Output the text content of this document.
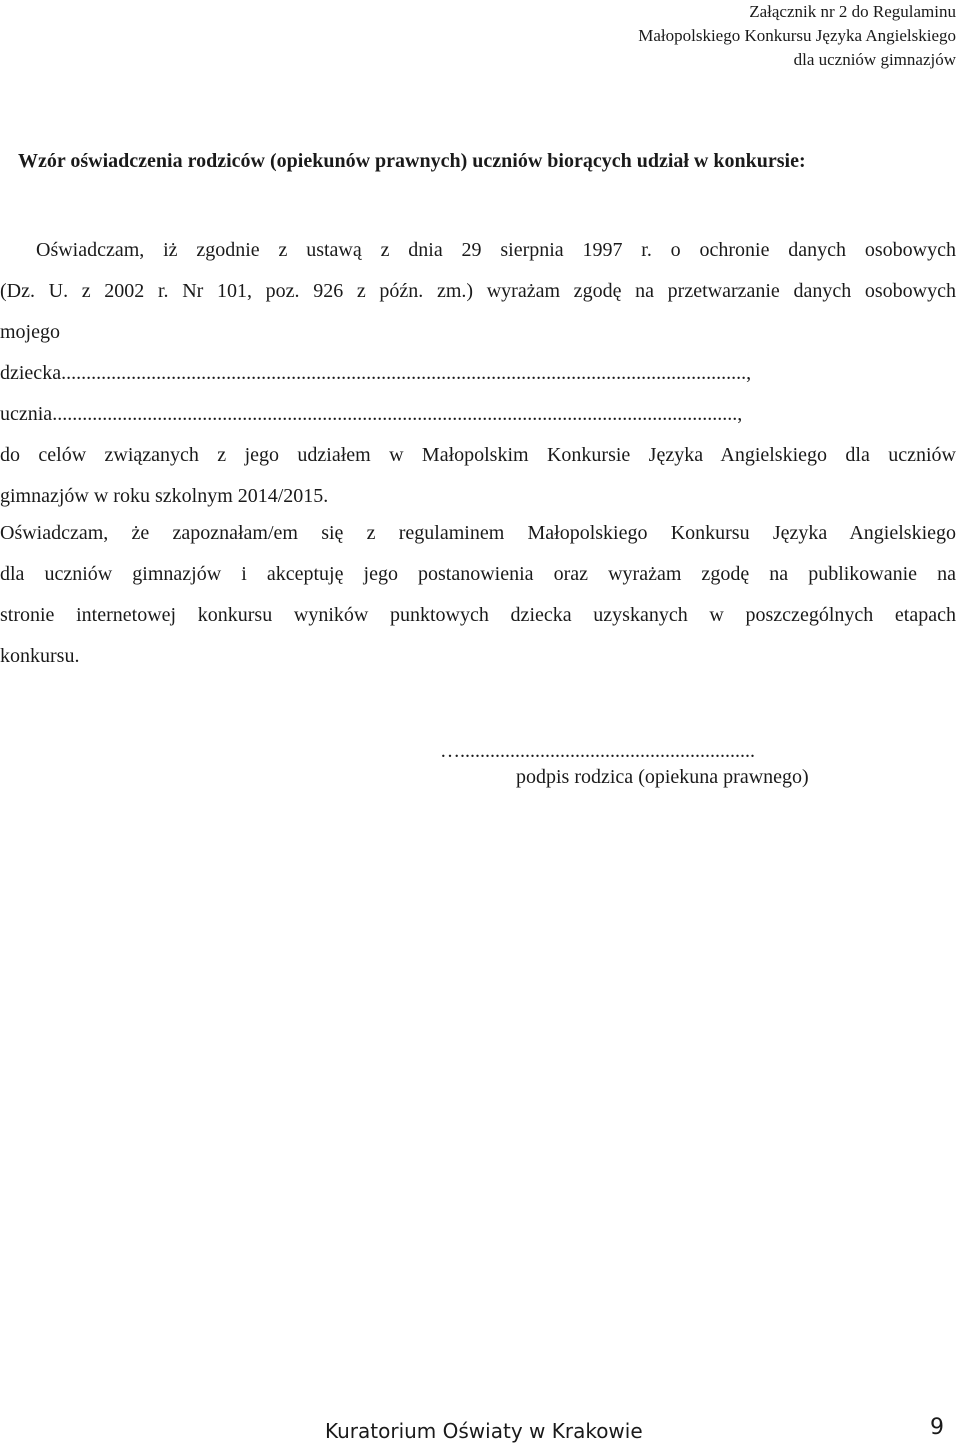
Załącznik nr 2 do Regulaminu
Małopolskiego Konkursu Języka Angielskiego
dla uczniów gimnazjów
Wzór oświadczenia rodziców (opiekunów prawnych) uczniów biorących udział w konkursie:
Oświadczam, iż zgodnie z ustawą z dnia 29 sierpnia 1997 r. o ochronie danych osobowych
(Dz. U. z 2002 r. Nr 101, poz. 926 z późn. zm.) wyrażam zgodę na przetwarzanie danych osobowych
mojego
dziecka.........................................................................................................................................,
ucznia.........................................................................................................................................,
do celów związanych z jego udziałem w Małopolskim Konkursie Języka Angielskiego dla uczniów
gimnazjów w roku szkolnym 2014/2015.
Oświadczam, że zapoznałam/em się z regulaminem Małopolskiego Konkursu Języka Angielskiego
dla uczniów gimnazjów i akceptuję jego postanowienia oraz wyrażam zgodę na publikowanie na
stronie internetowej konkursu wyników punktowych dziecka uzyskanych w poszczególnych etapach
konkursu.
…...........................................................
podpis rodzica (opiekuna prawnego)
Kuratorium Oświaty w Krakowie	9
